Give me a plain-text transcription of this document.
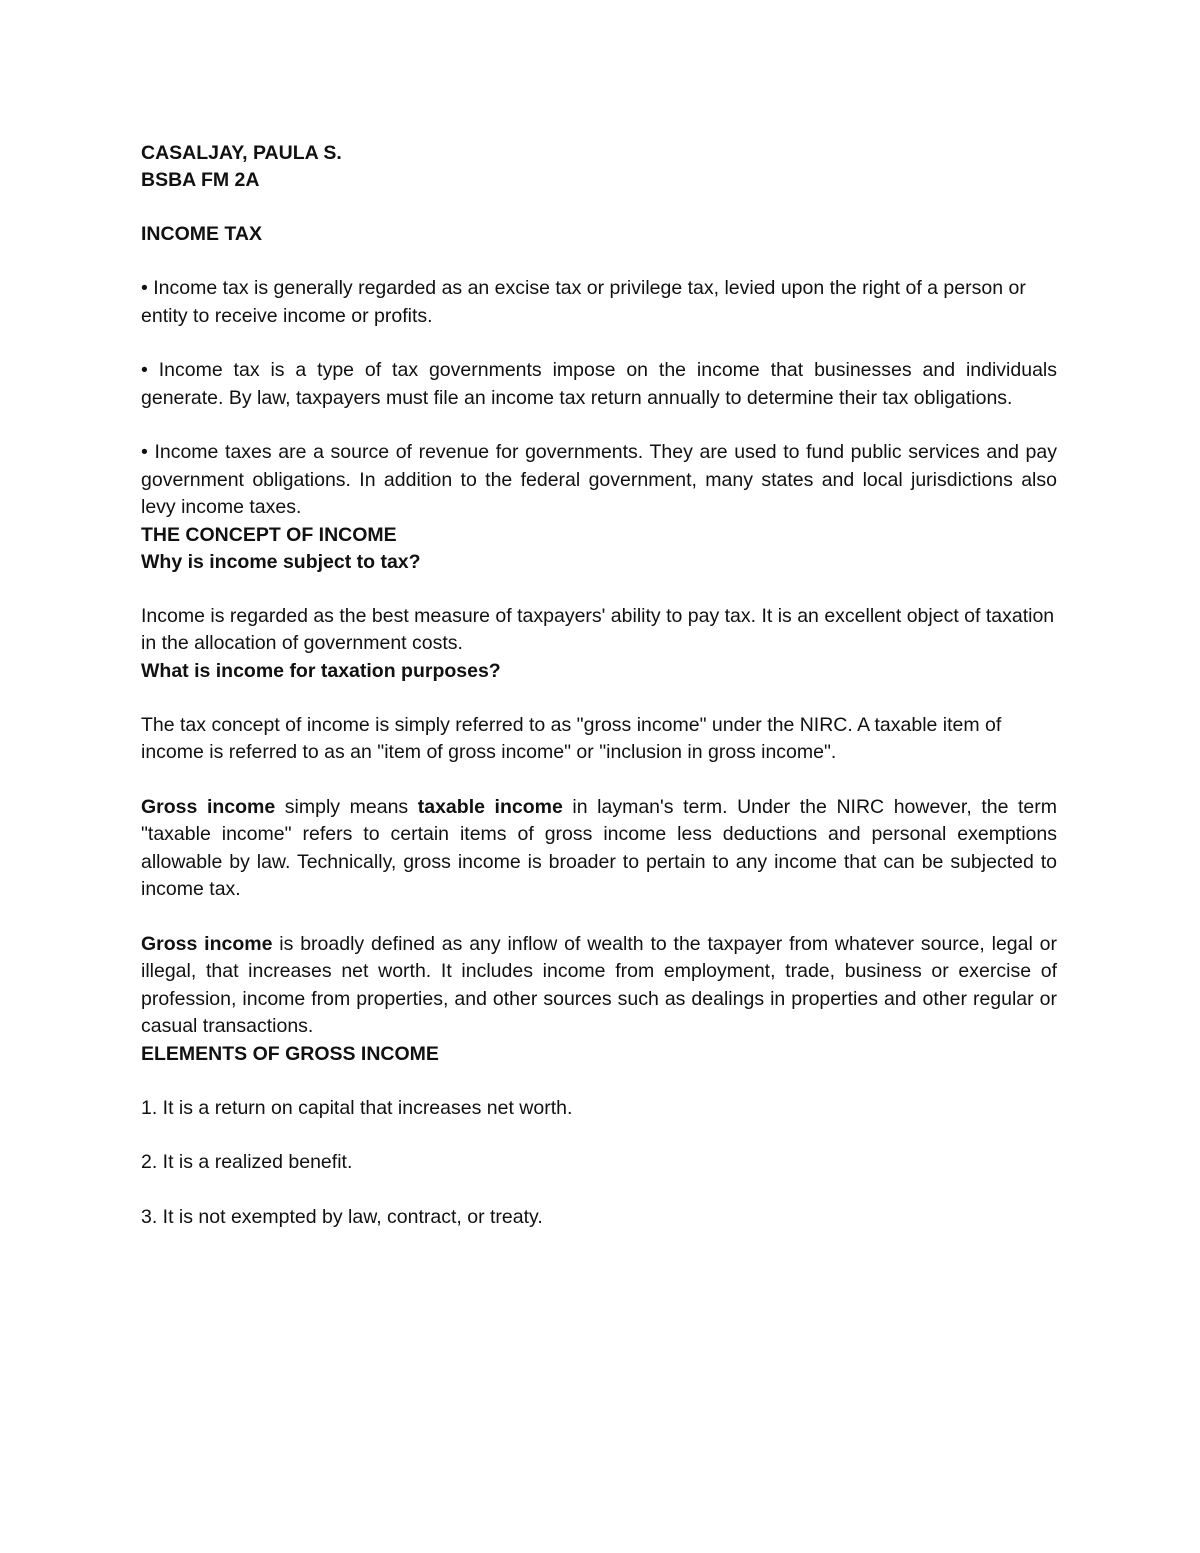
CASALJAY, PAULA S.
BSBA FM 2A
INCOME TAX

• Income tax is generally regarded as an excise tax or privilege tax, levied upon the right of a person or entity to receive income or profits.

• Income tax is a type of tax governments impose on the income that businesses and individuals generate. By law, taxpayers must file an income tax return annually to determine their tax obligations.

• Income taxes are a source of revenue for governments. They are used to fund public services and pay government obligations. In addition to the federal government, many states and local jurisdictions also levy income taxes.

THE CONCEPT OF INCOME
Why is income subject to tax?

Income is regarded as the best measure of taxpayers' ability to pay tax. It is an excellent object of taxation in the allocation of government costs.

What is income for taxation purposes?

The tax concept of income is simply referred to as "gross income" under the NIRC. A taxable item of income is referred to as an "item of gross income" or "inclusion in gross income".

Gross income simply means taxable income in layman's term. Under the NIRC however, the term "taxable income" refers to certain items of gross income less deductions and personal exemptions allowable by law. Technically, gross income is broader to pertain to any income that can be subjected to income tax.

Gross income is broadly defined as any inflow of wealth to the taxpayer from whatever source, legal or illegal, that increases net worth. It includes income from employment, trade, business or exercise of profession, income from properties, and other sources such as dealings in properties and other regular or casual transactions.

ELEMENTS OF GROSS INCOME

1. It is a return on capital that increases net worth.

2. It is a realized benefit.

3. It is not exempted by law, contract, or treaty.
